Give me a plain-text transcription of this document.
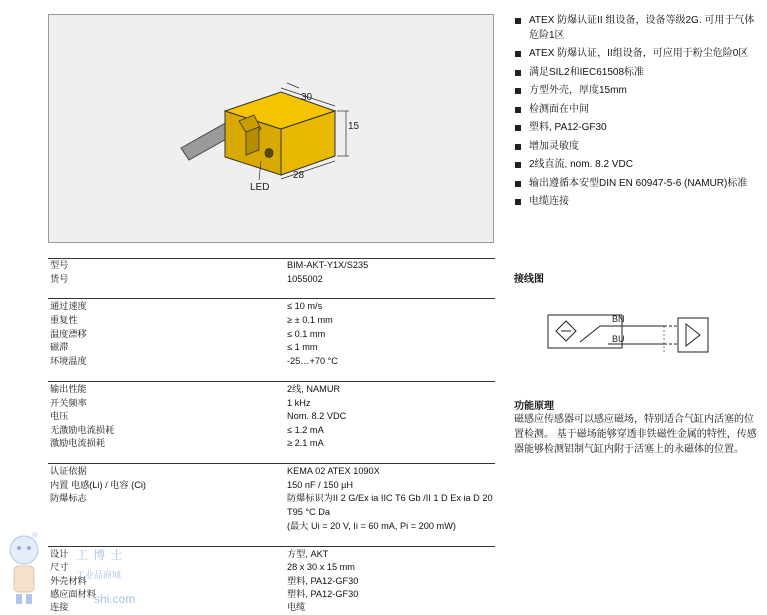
LED
30
15
28
型号	BIM-AKT-Y1X/S235
货号	1055002
通过速度	≤ 10 m/s
重复性	≥ ± 0.1 mm
温度漂移	≤ 0.1 mm
磁滞	≤ 1 mm
环境温度	-25…+70 °C
输出性能	2线, NAMUR
开关频率	1 kHz
电压	Nom. 8.2 VDC
无激励电流损耗	≤ 1.2 mA
激励电流损耗	≥ 2.1 mA
认证依据	KEMA 02 ATEX 1090X
内置 电感(Li) / 电容 (Ci)	150 nF / 150 µH
防爆标志	防爆标识为II 2 G/Ex ia IIC T6 Gb /II 1 D Ex ia D 20
T95 °C Da
(最大 Ui = 20 V, Ii = 60 mA, Pi = 200 mW)
设计	方型, AKT
尺寸	28 x 30 x 15 mm
外壳材料	塑料, PA12-GF30
感应面材料	塑料, PA12-GF30
连接	电缆
ATEX 防爆认证II 组设备，设备等级2G. 可用于气体危险1区
ATEX 防爆认证，II组设备，可应用于粉尘危险0区
满足SIL2和IEC61508标准
方型外壳，厚度15mm
检测面在中间
塑料, PA12-GF30
增加灵敏度
2线直流, nom. 8.2 VDC
输出遵循本安型DIN EN 60947-5-6 (NAMUR)标准
电缆连接
接线图
BN
BU
功能原理
磁感应传感器可以感应磁场，特别适合气缸内活塞的位置检测。 基于磁场能够穿透非铁磁性金属的特性，传感器能够检测铝制气缸内附于活塞上的永磁体的位置。
®
工 博 士
工业品商城
shi.com
